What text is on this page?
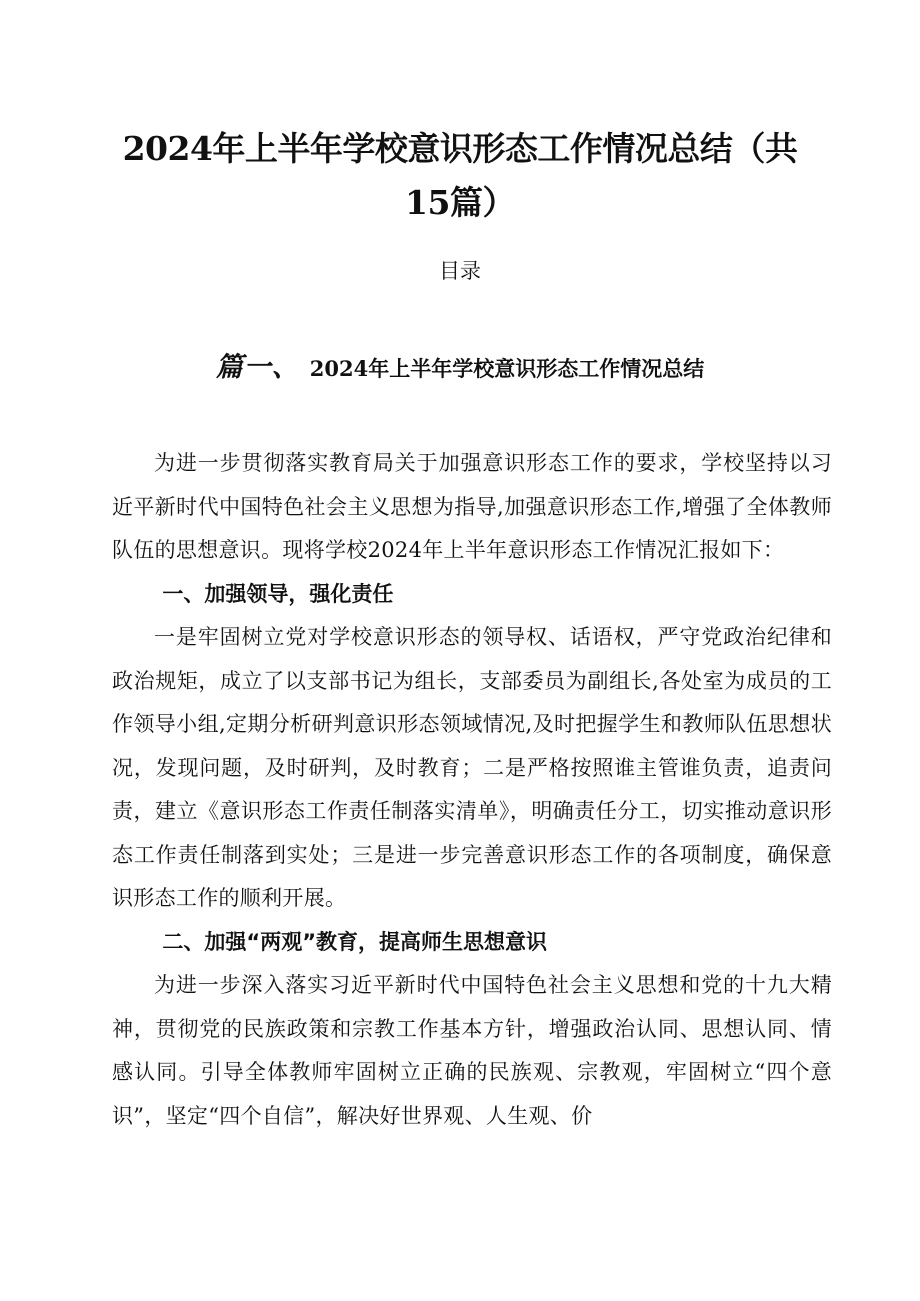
2024年上半年学校意识形态工作情况总结（共15篇）
目录
篇一、 2024年上半年学校意识形态工作情况总结

为进一步贯彻落实教育局关于加强意识形态工作的要求，学校坚持以习近平新时代中国特色社会主义思想为指导,加强意识形态工作,增强了全体教师队伍的思想意识。现将学校2024年上半年意识形态工作情况汇报如下：

一、加强领导，强化责任

一是牢固树立党对学校意识形态的领导权、话语权，严守党政治纪律和政治规矩，成立了以支部书记为组长，支部委员为副组长,各处室为成员的工作领导小组,定期分析研判意识形态领域情况,及时把握学生和教师队伍思想状况，发现问题，及时研判，及时教育；二是严格按照谁主管谁负责，追责问责，建立《意识形态工作责任制落实清单》，明确责任分工，切实推动意识形态工作责任制落到实处；三是进一步完善意识形态工作的各项制度，确保意识形态工作的顺利开展。

二、加强“两观”教育，提高师生思想意识

为进一步深入落实习近平新时代中国特色社会主义思想和党的十九大精神，贯彻党的民族政策和宗教工作基本方针，增强政治认同、思想认同、情感认同。引导全体教师牢固树立正确的民族观、宗教观，牢固树立“四个意识”，坚定“四个自信”，解决好世界观、人生观、价
